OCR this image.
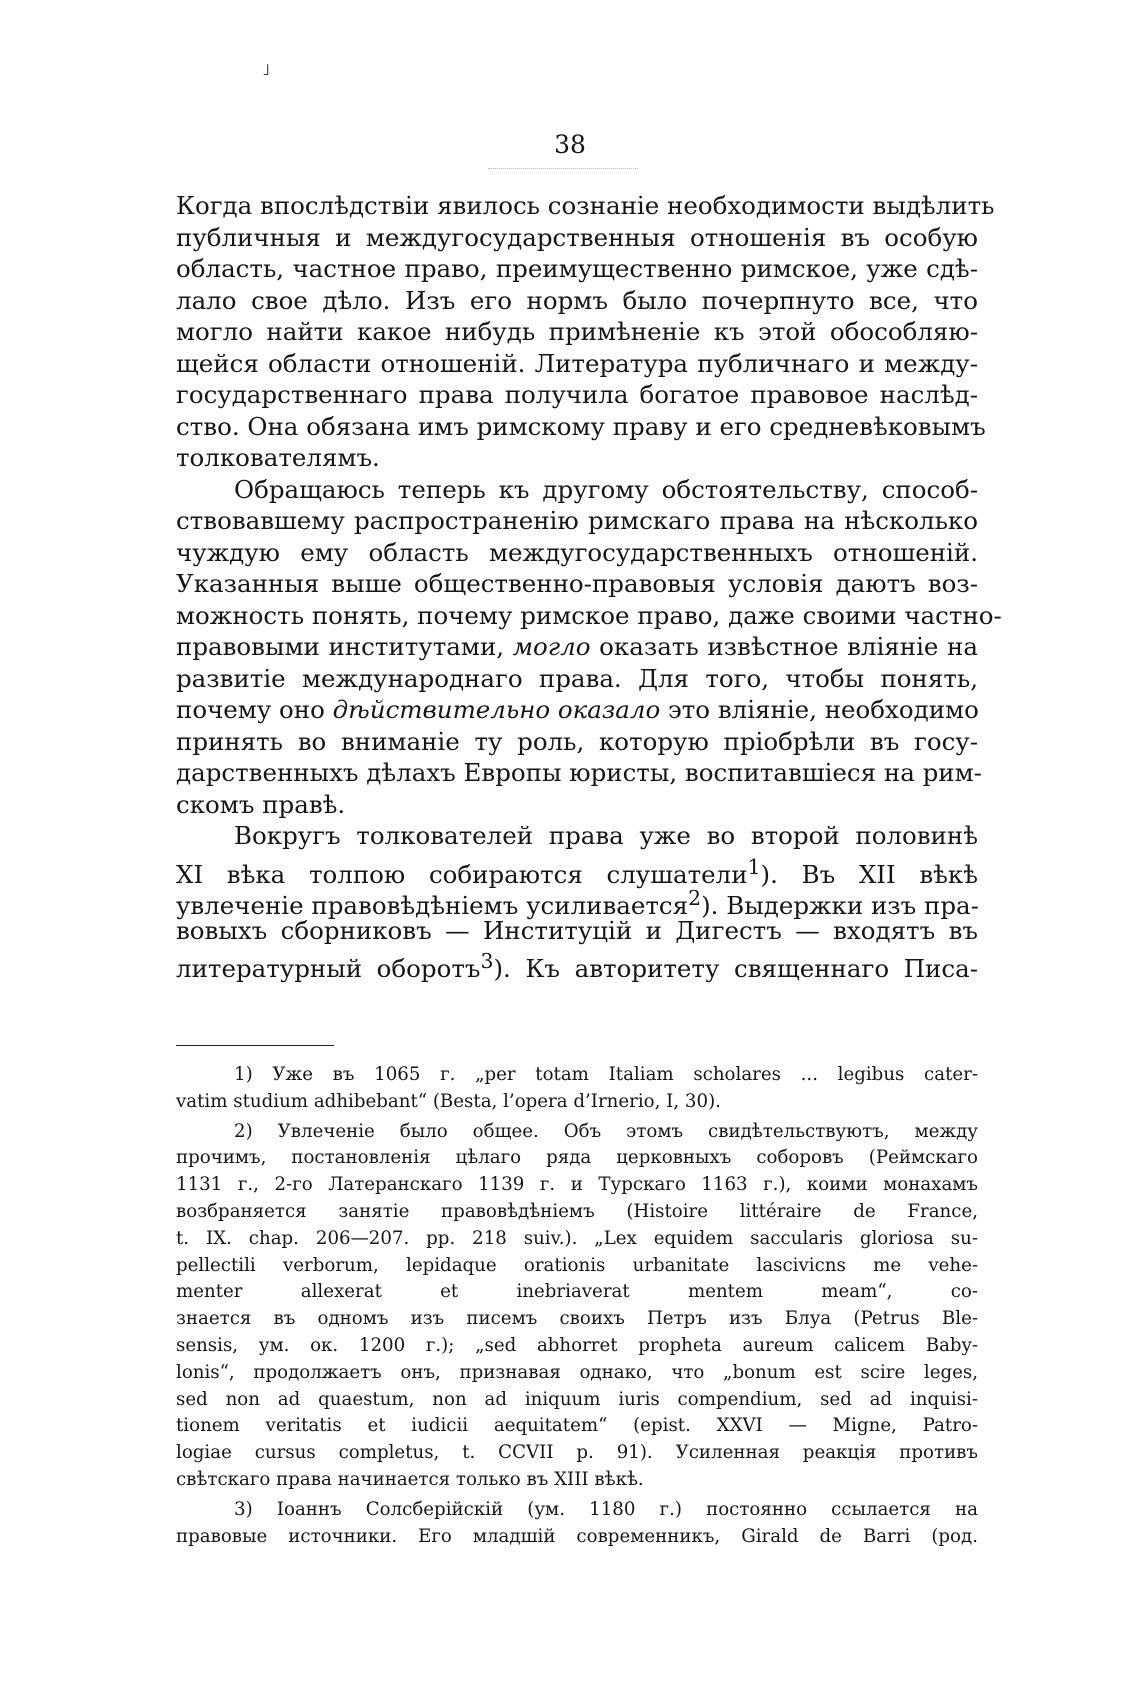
˩
38
Когда впослѣдствіи явилось сознаніе необходимости выдѣлить
публичныя и междугосударственныя отношенія въ особую
область, частное право, преимущественно римское, уже сдѣ-
лало свое дѣло. Изъ его нормъ было почерпнуто все, что
могло найти какое нибудь примѣненіе къ этой обособляю-
щейся области отношеній. Литература публичнаго и между-
государственнаго права получила богатое правовое наслѣд-
ство. Она обязана имъ римскому праву и его средневѣковымъ
толкователямъ.
Обращаюсь теперь къ другому обстоятельству, способ-
ствовавшему распространенію римскаго права на нѣсколько
чуждую ему область междугосударственныхъ отношеній.
Указанныя выше общественно-правовыя условія даютъ воз-
можность понять, почему римское право, даже своими частно-
правовыми институтами, могло оказать извѣстное вліяніе на
развитіе международнаго права. Для того, чтобы понять,
почему оно дѣйствительно оказало это вліяніе, необходимо
принять во вниманіе ту роль, которую пріобрѣли въ госу-
дарственныхъ дѣлахъ Европы юристы, воспитавшіеся на рим-
скомъ правѣ.
Вокругъ толкователей права уже во второй половинѣ
XI вѣка толпою собираются слушатели$^1$). Въ XII вѣкѣ
увлеченіе правовѣдѣніемъ усиливается$^2$). Выдержки изъ пра-
вовыхъ сборниковъ — Институцій и Дигестъ — входятъ въ
литературный оборотъ$^3$). Къ авторитету священнаго Писа-
1) Уже въ 1065 г. „per totam Italiam scholares ... legibus cater-
vatim studium adhibebant“ (Besta, l’opera d’Irnerio, I, 30).
2) Увлеченіе было общее. Объ этомъ свидѣтельствуютъ, между
прочимъ, постановленія цѣлаго ряда церковныхъ соборовъ (Реймскаго
1131 г., 2-го Латеранскаго 1139 г. и Турскаго 1163 г.), коими монахамъ
возбраняется занятіе правовѣдѣніемъ (Histoire littéraire de France,
t. IX. chap. 206—207. pp. 218 suiv.). „Lex equidem saccularis gloriosa su-
pellectili verborum, lepidaque orationis urbanitate lascivicns me vehe-
menter allexerat et inebriaverat mentem meam“, co-
знается въ одномъ изъ писемъ своихъ Петръ изъ Блуа (Petrus Ble-
sensis, ум. ок. 1200 г.); „sed abhorret propheta aureum calicem Baby-
lonis“, продолжаетъ онъ, признавая однако, что „bonum est scire leges,
sed non ad quaestum, non ad iniquum iuris compendium, sed ad inquisi-
tionem veritatis et iudicii aequitatem“ (epist. XXVI — Migne, Patro-
logiae cursus completus, t. CCVII p. 91). Усиленная реакція противъ
свѣтскаго права начинается только въ XIII вѣкѣ.
3) Іоаннъ Солсберійскій (ум. 1180 г.) постоянно ссылается на
правовые источники. Его младшій современникъ, Girald de Barri (род.
